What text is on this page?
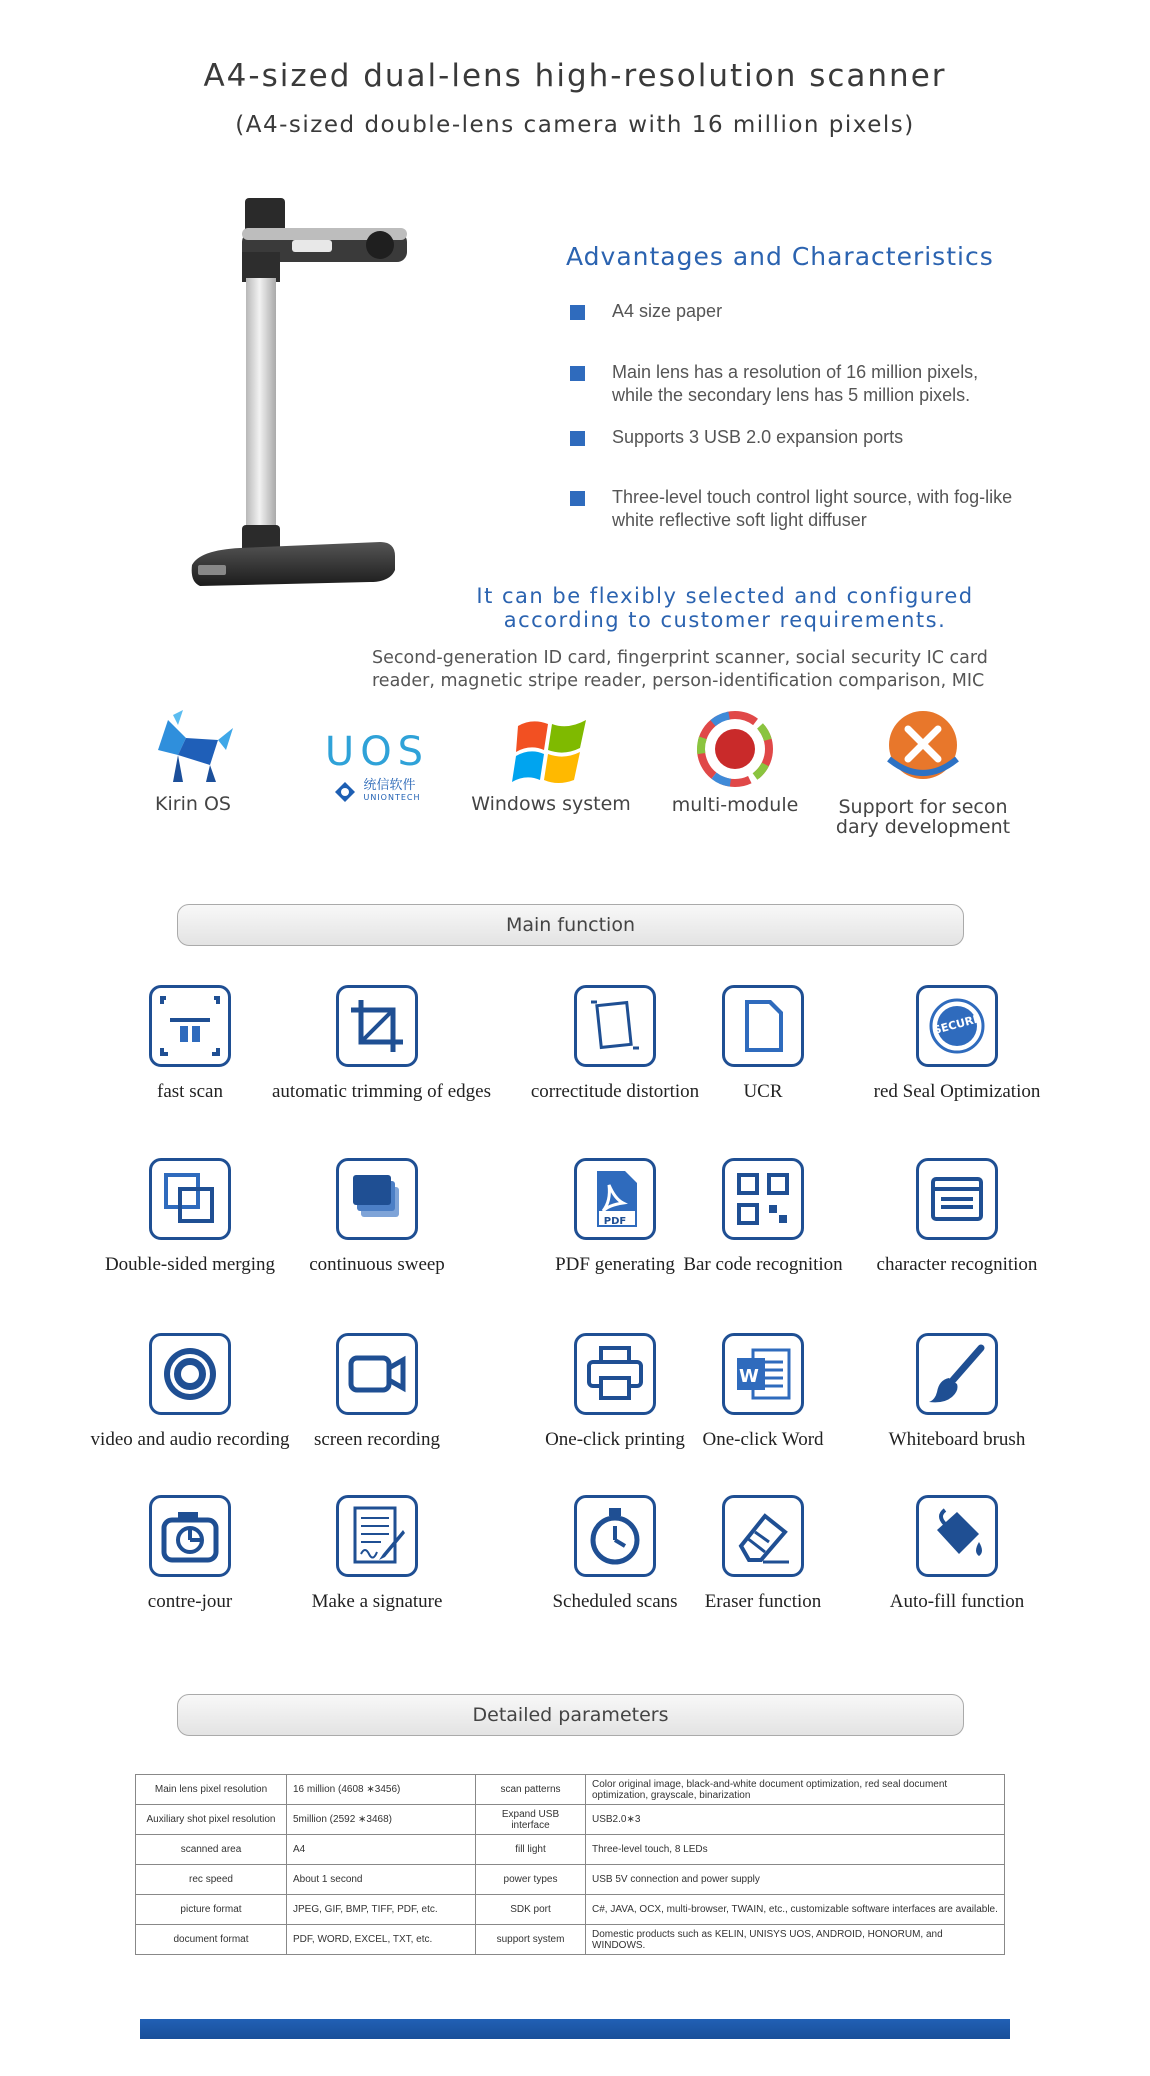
A4-sized dual-lens high-resolution scanner
(A4-sized double-lens camera with 16 million pixels)
Advantages and Characteristics
A4 size paper
Main lens has a resolution of 16 million pixels, while the secondary lens has 5 million pixels.
Supports 3 USB 2.0 expansion ports
Three-level touch control light source, with fog-like white reflective soft light diffuser
It can be flexibly selected and configured
according to customer requirements.
Second-generation ID card, fingerprint scanner, social security IC card reader, magnetic stripe reader, person-identification comparison, MIC
Kirin OS
UOS
统信软件
UNIONTECH	Windows system	multi-module	Support for secon dary development
Main function
fast scan	automatic trimming of edges	correctitude distortion	UCR
SECURE
red Seal Optimization
Double-sided merging	continuous sweep
PDF
PDF generating Bar code recognition	character recognition
video and audio recording	screen recording	One-click printing
W
One-click Word	Whiteboard brush
contre-jour	Make a signature	Scheduled scans	Eraser function	Auto-fill function
Detailed parameters
Main lens pixel resolution	16 million (4608 ∗3456)	scan patterns	Color original image, black-and-white document optimization, red seal document optimization, grayscale, binarization
Auxiliary shot pixel resolution	5million (2592 ∗3468)	Expand USB interface	USB2.0∗3
scanned area	A4	fill light	Three-level touch, 8 LEDs
rec speed	About 1 second	power types	USB 5V connection and power supply
picture format	JPEG, GIF, BMP, TIFF, PDF, etc.	SDK port	C#, JAVA, OCX, multi-browser, TWAIN, etc., customizable software interfaces are available.
document format	PDF, WORD, EXCEL, TXT, etc.	support system	Domestic products such as KELIN, UNISYS UOS, ANDROID, HONORUM, and WINDOWS.
